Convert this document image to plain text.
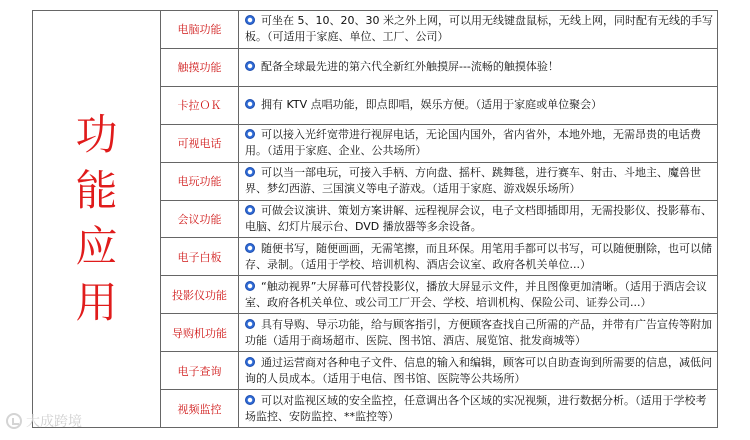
功能应用
电脑功能
可坐在 5、10、20、30 米之外上网，可以用无线键盘鼠标，无线上网，同时配有无线的手写板。（可适用于家庭、单位、工厂、公司）
触摸功能	配备全球最先进的第六代全新红外触摸屏---流畅的触摸体验！
卡拉ＯＫ	拥有 KTV 点唱功能，即点即唱，娱乐方便。（适用于家庭或单位聚会）
可视电话
可以接入光纤宽带进行视屏电话，无论国内国外，省内省外，本地外地，无需昂贵的电话费用。（适用于家庭、企业、公共场所）
电玩功能
可以当一部电玩，可接入手柄、方向盘、摇杆、跳舞毯，进行赛车、射击、斗地主、魔兽世界、梦幻西游、三国演义等电子游戏。（适用于家庭、游戏娱乐场所）
会议功能
可做会议演讲、策划方案讲解、远程视屏会议，电子文档即插即用，无需投影仪、投影幕布、电脑、幻灯片展示台、DVD 播放器等多余设备。
电子白板
随便书写，随便画画，无需笔擦，而且环保。用笔用手都可以书写，可以随便删除，也可以储存、录制。（适用于学校、培训机构、酒店会议室、政府各机关单位...）
投影仪功能
“触动视界”大屏幕可代替投影仪，播放大屏显示文件，并且图像更加清晰。（适用于酒店会议室、政府各机关单位、或公司工厂开会、学校、培训机构、保险公司、证券公司...）
导购机功能
具有导购、导示功能，给与顾客指引，方便顾客查找自己所需的产品，并带有广告宣传等附加功能（适用于商场超市、医院、图书馆、酒店、展览馆、批发商城等）
电子查询
通过运营商对各种电子文件、信息的输入和编辑，顾客可以自助查询到所需要的信息，减低问询的人员成本。（适用于电信、图书馆、医院等公共场所）
视频监控
可以对监视区域的安全监控，任意调出各个区域的实况视频，进行数据分析。（适用于学校考场监控、安防监控、**监控等）
大成跨境
